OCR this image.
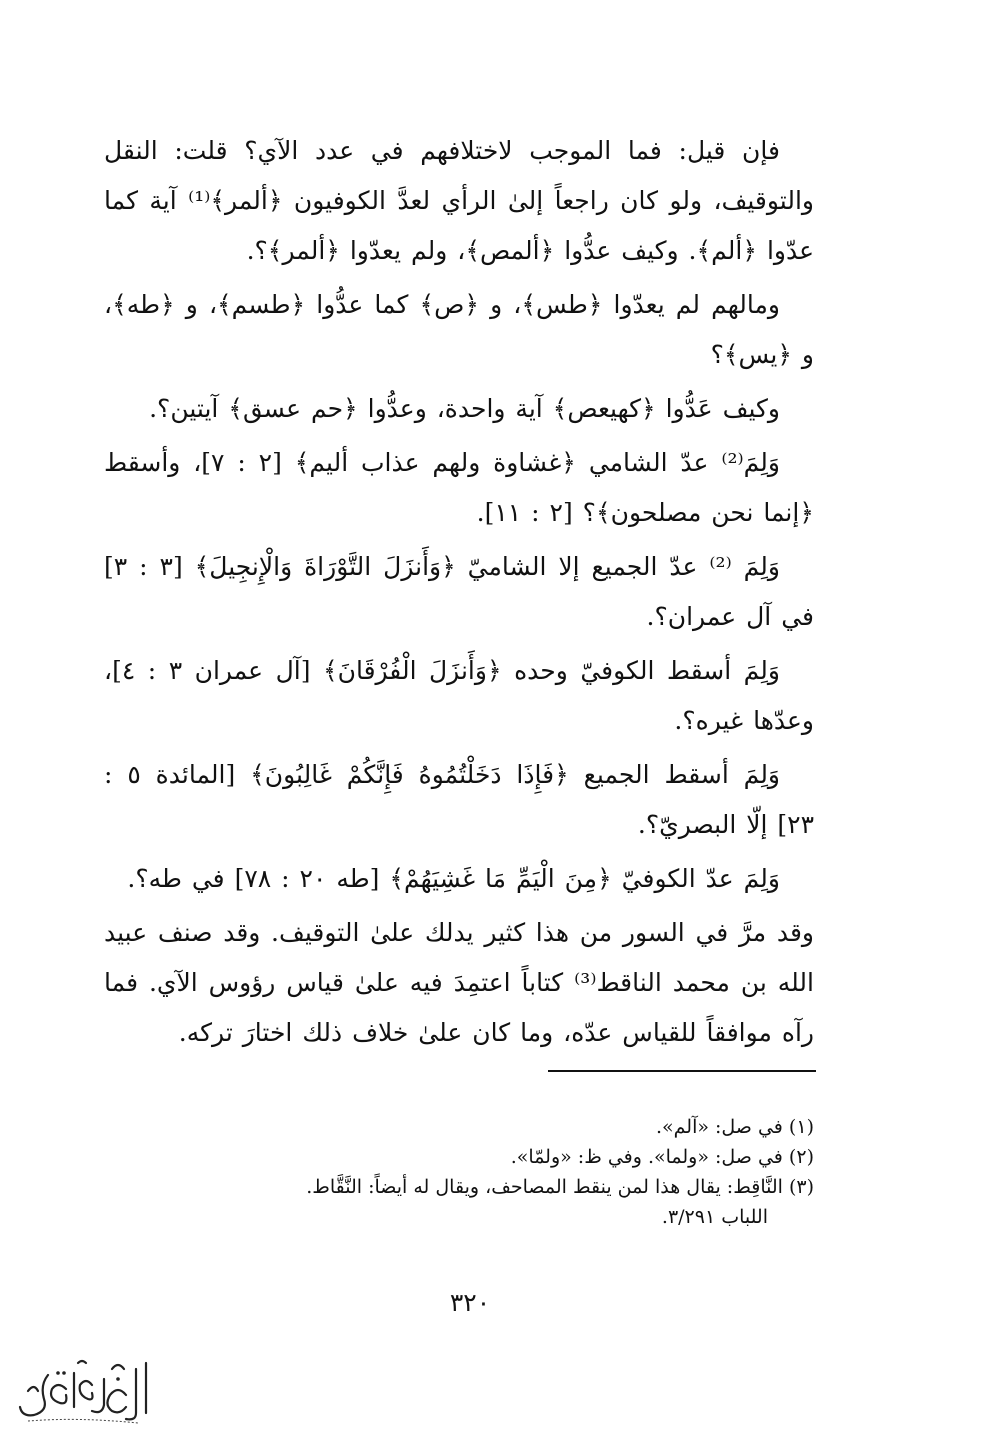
فإن قيل: فما الموجب لاختلافهم في عدد الآي؟ قلت: النقل والتوقيف، ولو كان راجعاً إلىٰ الرأي لعدَّ الكوفيون ﴿ألمر﴾⁽¹⁾ آية كما عدّوا ﴿ألم﴾. وكيف عدُّوا ﴿ألمص﴾، ولم يعدّوا ﴿ألمر﴾؟.

ومالهم لم يعدّوا ﴿طس﴾، و ﴿ص﴾ كما عدُّوا ﴿طسم﴾، و ﴿طه﴾، و ﴿يس﴾؟

وكيف عَدُّوا ﴿كهيعص﴾ آية واحدة، وعدُّوا ﴿حم عسق﴾ آيتين؟.

وَلِمَ⁽²⁾ عدّ الشامي ﴿غشاوة ولهم عذاب أليم﴾ [٢ : ٧]، وأسقط ﴿إنما نحن مصلحون﴾؟ [٢ : ١١].

وَلِمَ ⁽²⁾ عدّ الجميع إلا الشاميّ ﴿وَأَنزَلَ التَّوْرَاةَ وَالْإِنجِيلَ﴾ [٣ : ٣] في آل عمران؟.

وَلِمَ أسقط الكوفيّ وحده ﴿وَأَنزَلَ الْفُرْقَانَ﴾ [آل عمران ٣ : ٤]، وعدّها غيره؟.

وَلِمَ أسقط الجميع ﴿فَإِذَا دَخَلْتُمُوهُ فَإِنَّكُمْ غَالِبُونَ﴾ [المائدة ٥ : ٢٣] إلّا البصريّ؟.

وَلِمَ عدّ الكوفيّ ﴿مِنَ الْيَمِّ مَا غَشِيَهُمْ﴾ [طه ٢٠ : ٧٨] في طه؟.

وقد مرَّ في السور من هذا كثير يدلك علىٰ التوقيف. وقد صنف عبيد الله بن محمد الناقط⁽³⁾ كتاباً اعتمِدَ فيه علىٰ قياس رؤوس الآي. فما رآه موافقاً للقياس عدّه، وما كان علىٰ خلاف ذلك اختارَ تركه.

(١) في صل: «آلم».

(٢) في صل: «ولما». وفي ظ: «ولمّا».

(٣) النَّاقِط: يقال هذا لمن ينقط المصاحف، ويقال له أيضاً: النَّقَّاط.

اللباب ٣/٢٩١.

٣٢٠
